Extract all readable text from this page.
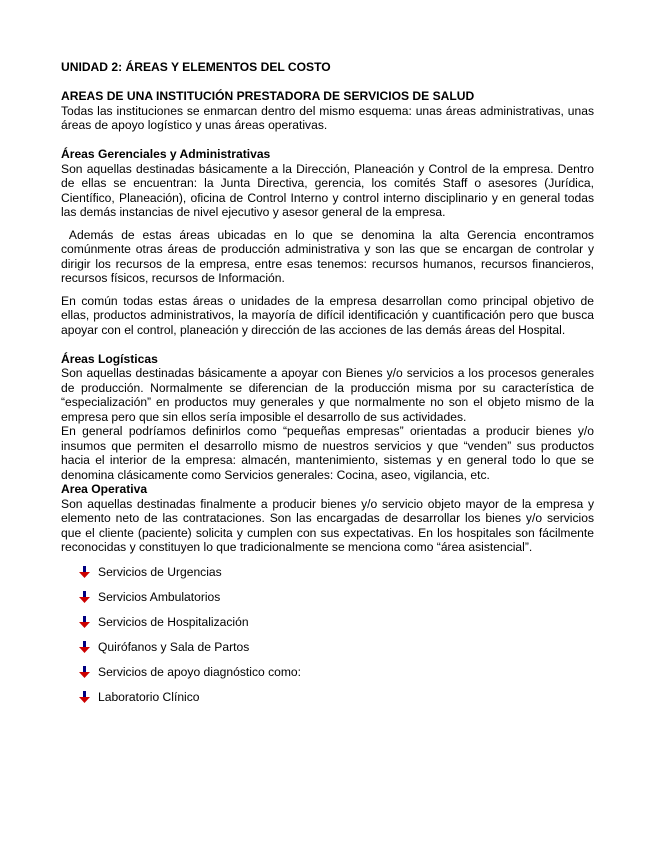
UNIDAD 2: ÁREAS Y ELEMENTOS DEL COSTO

AREAS DE UNA INSTITUCIÓN PRESTADORA DE SERVICIOS DE SALUD

Todas las instituciones se enmarcan dentro del mismo esquema: unas áreas administrativas, unas áreas de apoyo logístico y unas áreas operativas.

Áreas Gerenciales y Administrativas

Son aquellas destinadas básicamente a la Dirección, Planeación y Control de la empresa. Dentro de ellas se encuentran: la Junta Directiva, gerencia, los comités Staff o asesores (Jurídica, Científico, Planeación), oficina de Control Interno y control interno disciplinario y en general todas las demás instancias de nivel ejecutivo y asesor general de la empresa.

Además de estas áreas ubicadas en lo que se denomina la alta Gerencia encontramos comúnmente otras áreas de producción administrativa y son las que se encargan de controlar y dirigir los recursos de la empresa, entre esas tenemos: recursos humanos, recursos financieros, recursos físicos, recursos de Información.

En común todas estas áreas o unidades de la empresa desarrollan como principal objetivo de ellas, productos administrativos, la mayoría de difícil identificación y cuantificación pero que busca apoyar con el control, planeación y dirección de las acciones de las demás áreas del Hospital.

Áreas Logísticas

Son aquellas destinadas básicamente a apoyar con Bienes y/o servicios a los procesos generales de producción. Normalmente se diferencian de la producción misma por su característica de “especialización” en productos muy generales y que normalmente no son el objeto mismo de la empresa pero que sin ellos sería imposible el desarrollo de sus actividades.

En general podríamos definirlos como “pequeñas empresas” orientadas a producir bienes y/o insumos que permiten el desarrollo mismo de nuestros servicios y que “venden” sus productos hacia el interior de la empresa: almacén, mantenimiento, sistemas y en general todo lo que se denomina clásicamente como Servicios generales: Cocina, aseo, vigilancia, etc.

Area Operativa

Son aquellas destinadas finalmente a producir bienes y/o servicio objeto mayor de la empresa y elemento neto de las contrataciones. Son las encargadas de desarrollar los bienes y/o servicios que el cliente (paciente) solicita y cumplen con sus expectativas. En los hospitales son fácilmente reconocidas y constituyen lo que tradicionalmente se menciona como “área asistencial”.

Servicios de Urgencias
Servicios Ambulatorios
Servicios de Hospitalización
Quirófanos y Sala de Partos
Servicios de apoyo diagnóstico como:
Laboratorio Clínico
